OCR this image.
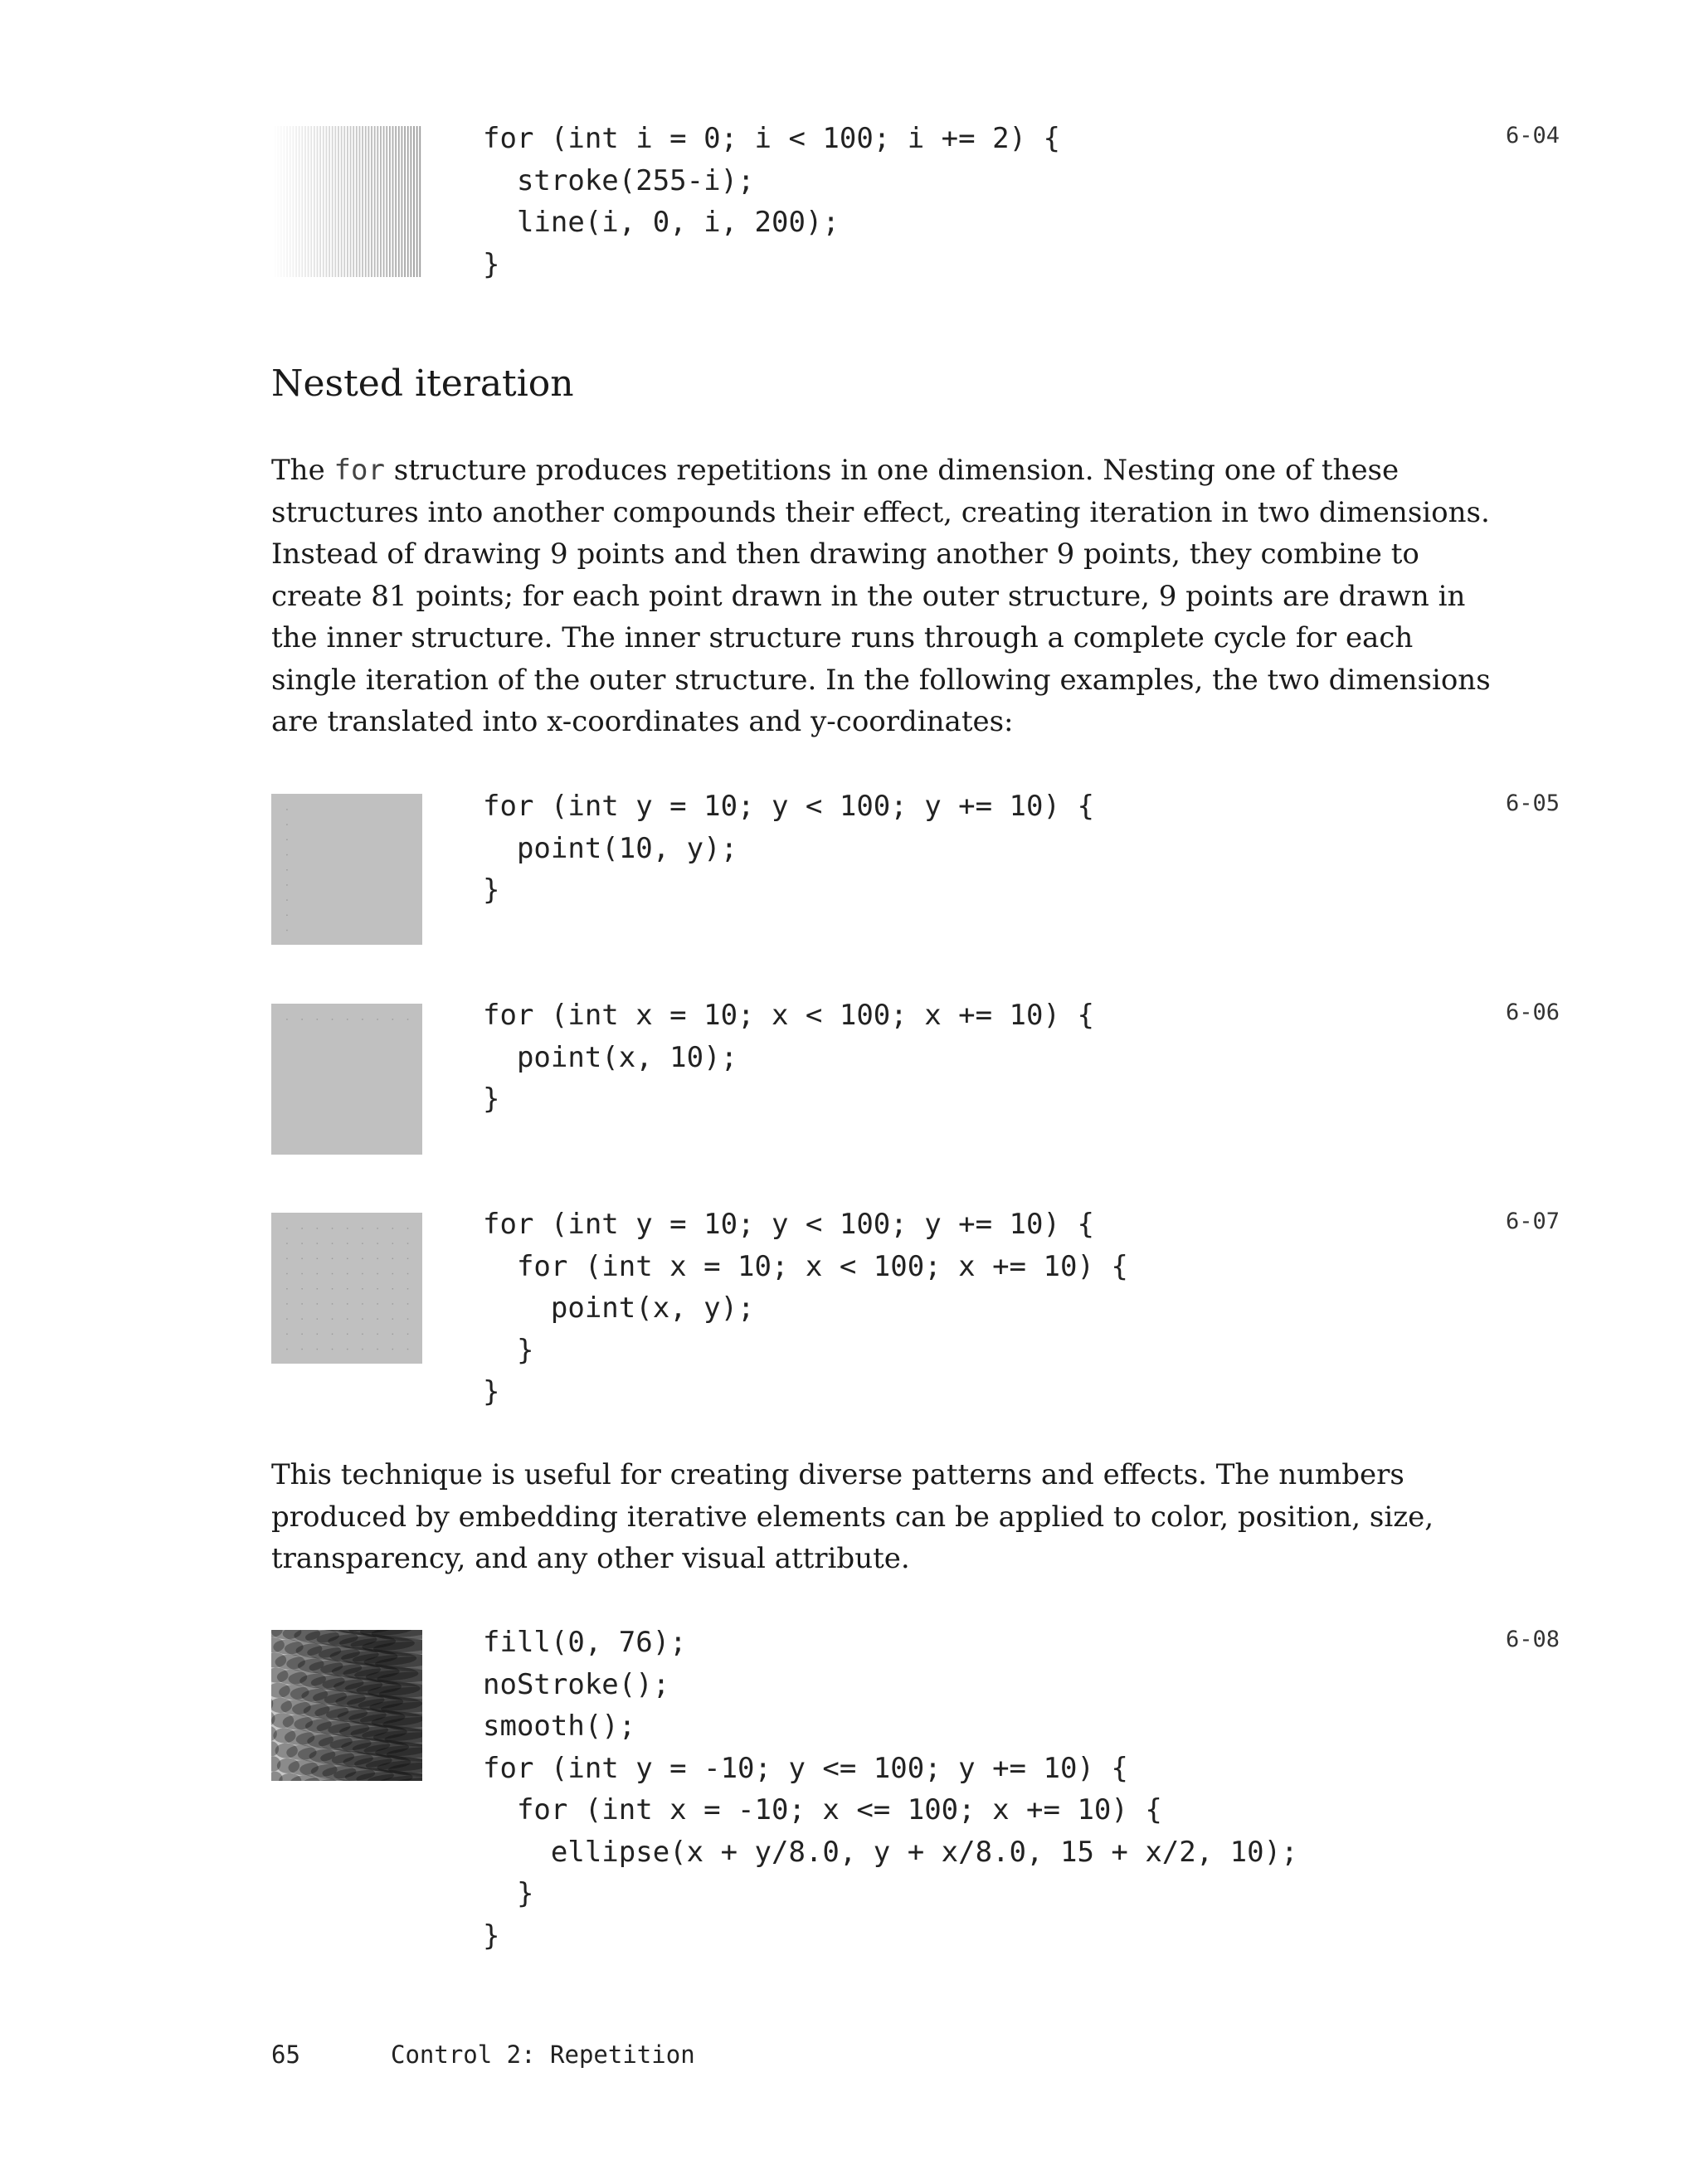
for (int i = 0; i < 100; i += 2) {
stroke(255-i);
line(i, 0, i, 200);
}
6-04
Nested iteration

The for structure produces repetitions in one dimension. Nesting one of these structures into another compounds their effect, creating iteration in two dimensions. Instead of drawing 9 points and then drawing another 9 points, they combine to create 81 points; for each point drawn in the outer structure, 9 points are drawn in the inner structure. The inner structure runs through a complete cycle for each single iteration of the outer structure. In the following examples, the two dimensions are translated into x-coordinates and y-coordinates:

for (int y = 10; y < 100; y += 10) {
point(10, y);
}
6-05
for (int x = 10; x < 100; x += 10) {
point(x, 10);
}
6-06
for (int y = 10; y < 100; y += 10) {
for (int x = 10; x < 100; x += 10) {
point(x, y);
}
}
6-07

This technique is useful for creating diverse patterns and effects. The numbers produced by embedding iterative elements can be applied to color, position, size, transparency, and any other visual attribute.

fill(0, 76);
noStroke();
smooth();
for (int y = -10; y <= 100; y += 10) {
for (int x = -10; x <= 100; x += 10) {
ellipse(x + y/8.0, y + x/8.0, 15 + x/2, 10);
}
}
6-08
65	Control 2: Repetition
